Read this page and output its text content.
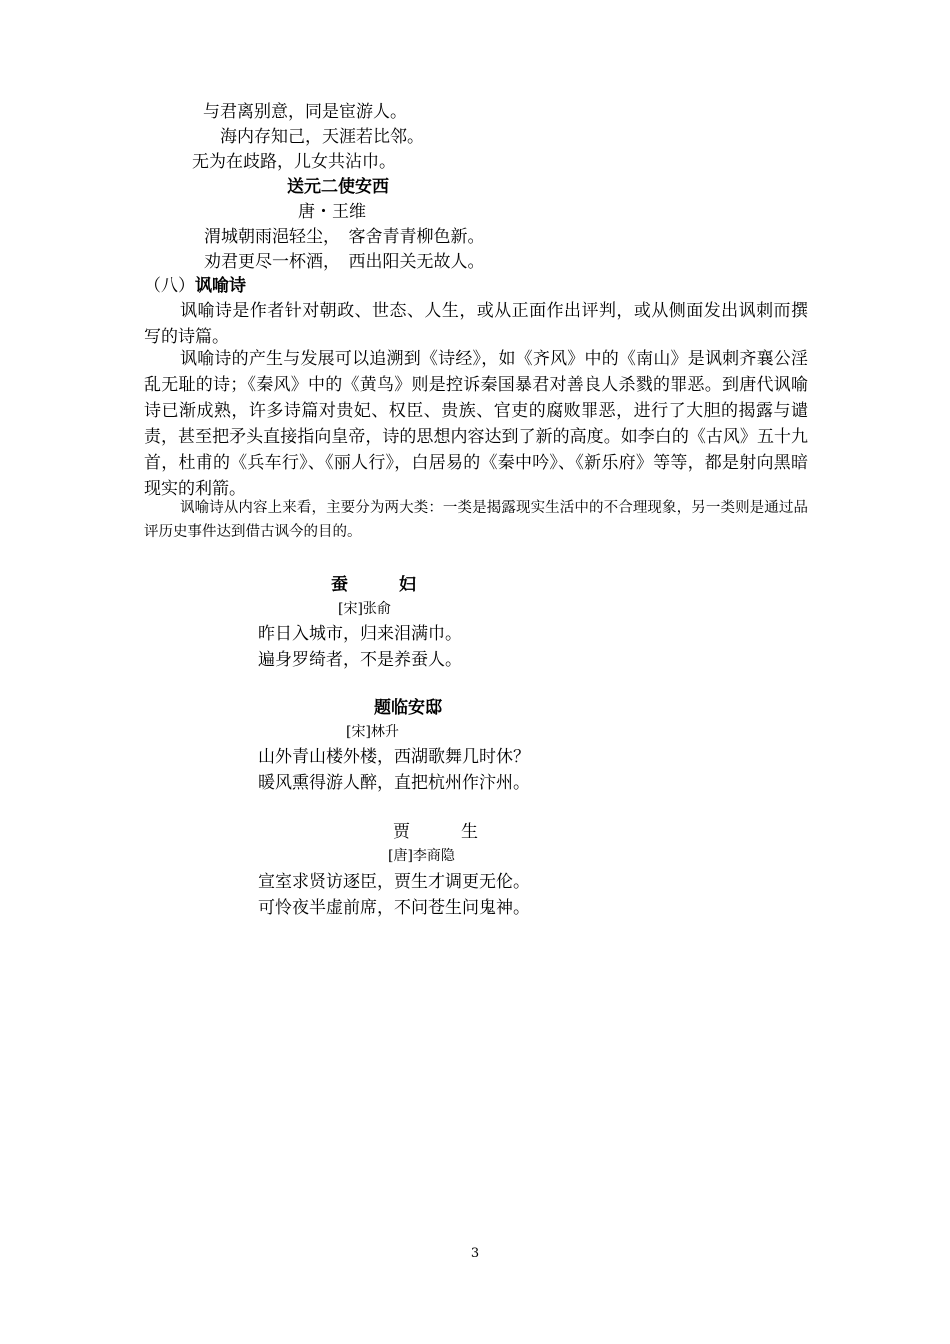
与君离别意，同是宦游人。
海内存知己，天涯若比邻。
无为在歧路，儿女共沾巾。
送元二使安西
唐・王维
渭城朝雨浥轻尘，　客舍青青柳色新。
劝君更尽一杯酒，　西出阳关无故人。
（八）讽喻诗
讽喻诗是作者针对朝政、世态、人生，或从正面作出评判，或从侧面发出讽刺而撰写的诗篇。
讽喻诗的产生与发展可以追溯到《诗经》，如《齐风》中的《南山》是讽刺齐襄公淫乱无耻的诗；《秦风》中的《黄鸟》则是控诉秦国暴君对善良人杀戮的罪恶。到唐代讽喻诗已渐成熟，许多诗篇对贵妃、权臣、贵族、官吏的腐败罪恶，进行了大胆的揭露与谴责，甚至把矛头直接指向皇帝，诗的思想内容达到了新的高度。如李白的《古风》五十九首，杜甫的《兵车行》、《丽人行》，白居易的《秦中吟》、《新乐府》等等，都是射向黑暗现实的利箭。
讽喻诗从内容上来看，主要分为两大类：一类是揭露现实生活中的不合理现象，另一类则是通过品评历史事件达到借古讽今的目的。
蚕　　　妇
[宋]张俞
昨日入城市，归来泪满巾。
遍身罗绮者，不是养蚕人。
题临安邸
[宋]林升
山外青山楼外楼，西湖歌舞几时休？
暖风熏得游人醉，直把杭州作汴州。
贾　　　生
[唐]李商隐
宣室求贤访逐臣，贾生才调更无伦。
可怜夜半虚前席，不问苍生问鬼神。
3
